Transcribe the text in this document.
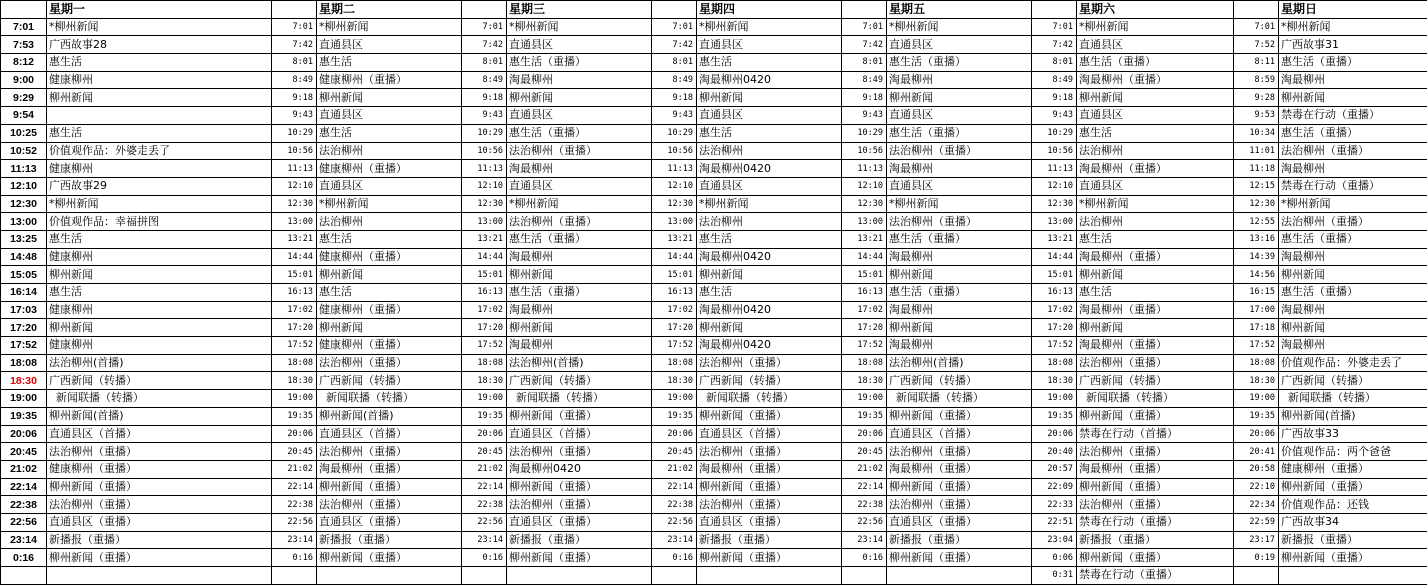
	星期一		星期二		星期三		星期四		星期五		星期六		星期日
7:01	*柳州新闻	7:01	*柳州新闻	7:01	*柳州新闻	7:01	*柳州新闻	7:01	*柳州新闻	7:01	*柳州新闻	7:01	*柳州新闻
7:53	广西故事28	7:42	直通县区	7:42	直通县区	7:42	直通县区	7:42	直通县区	7:42	直通县区	7:52	广西故事31
8:12	惠生活	8:01	惠生活	8:01	惠生活（重播）	8:01	惠生活	8:01	惠生活（重播）	8:01	惠生活（重播）	8:11	惠生活（重播）
9:00	健康柳州	8:49	健康柳州（重播）	8:49	淘最柳州	8:49	淘最柳州0420	8:49	淘最柳州	8:49	淘最柳州（重播）	8:59	淘最柳州
9:29	柳州新闻	9:18	柳州新闻	9:18	柳州新闻	9:18	柳州新闻	9:18	柳州新闻	9:18	柳州新闻	9:28	柳州新闻
9:54		9:43	直通县区	9:43	直通县区	9:43	直通县区	9:43	直通县区	9:43	直通县区	9:53	禁毒在行动（重播）
10:25	惠生活	10:29	惠生活	10:29	惠生活（重播）	10:29	惠生活	10:29	惠生活（重播）	10:29	惠生活	10:34	惠生活（重播）
10:52	价值观作品：外婆走丢了	10:56	法治柳州	10:56	法治柳州（重播）	10:56	法治柳州	10:56	法治柳州（重播）	10:56	法治柳州	11:01	法治柳州（重播）
11:13	健康柳州	11:13	健康柳州（重播）	11:13	淘最柳州	11:13	淘最柳州0420	11:13	淘最柳州	11:13	淘最柳州（重播）	11:18	淘最柳州
12:10	广西故事29	12:10	直通县区	12:10	直通县区	12:10	直通县区	12:10	直通县区	12:10	直通县区	12:15	禁毒在行动（重播）
12:30	*柳州新闻	12:30	*柳州新闻	12:30	*柳州新闻	12:30	*柳州新闻	12:30	*柳州新闻	12:30	*柳州新闻	12:30	*柳州新闻
13:00	价值观作品：幸福拼图	13:00	法治柳州	13:00	法治柳州（重播）	13:00	法治柳州	13:00	法治柳州（重播）	13:00	法治柳州	12:55	法治柳州（重播）
13:25	惠生活	13:21	惠生活	13:21	惠生活（重播）	13:21	惠生活	13:21	惠生活（重播）	13:21	惠生活	13:16	惠生活（重播）
14:48	健康柳州	14:44	健康柳州（重播）	14:44	淘最柳州	14:44	淘最柳州0420	14:44	淘最柳州	14:44	淘最柳州（重播）	14:39	淘最柳州
15:05	柳州新闻	15:01	柳州新闻	15:01	柳州新闻	15:01	柳州新闻	15:01	柳州新闻	15:01	柳州新闻	14:56	柳州新闻
16:14	惠生活	16:13	惠生活	16:13	惠生活（重播）	16:13	惠生活	16:13	惠生活（重播）	16:13	惠生活	16:15	惠生活（重播）
17:03	健康柳州	17:02	健康柳州（重播）	17:02	淘最柳州	17:02	淘最柳州0420	17:02	淘最柳州	17:02	淘最柳州（重播）	17:00	淘最柳州
17:20	柳州新闻	17:20	柳州新闻	17:20	柳州新闻	17:20	柳州新闻	17:20	柳州新闻	17:20	柳州新闻	17:18	柳州新闻
17:52	健康柳州	17:52	健康柳州（重播）	17:52	淘最柳州	17:52	淘最柳州0420	17:52	淘最柳州	17:52	淘最柳州（重播）	17:52	淘最柳州
18:08	法治柳州(首播)	18:08	法治柳州（重播）	18:08	法治柳州(首播)	18:08	法治柳州（重播）	18:08	法治柳州(首播)	18:08	法治柳州（重播）	18:08	价值观作品：外婆走丢了
18:30	广西新闻（转播）	18:30	广西新闻（转播）	18:30	广西新闻（转播）	18:30	广西新闻（转播）	18:30	广西新闻（转播）	18:30	广西新闻（转播）	18:30	广西新闻（转播）
19:00	新闻联播（转播）	19:00	新闻联播（转播）	19:00	新闻联播（转播）	19:00	新闻联播（转播）	19:00	新闻联播（转播）	19:00	新闻联播（转播）	19:00	新闻联播（转播）
19:35	柳州新闻(首播)	19:35	柳州新闻(首播)	19:35	柳州新闻（重播）	19:35	柳州新闻（重播）	19:35	柳州新闻（重播）	19:35	柳州新闻（重播）	19:35	柳州新闻(首播)
20:06	直通县区（首播）	20:06	直通县区（首播）	20:06	直通县区（首播）	20:06	直通县区（首播）	20:06	直通县区（首播）	20:06	禁毒在行动（首播）	20:06	广西故事33
20:45	法治柳州（重播）	20:45	法治柳州（重播）	20:45	法治柳州（重播）	20:45	法治柳州（重播）	20:45	法治柳州（重播）	20:40	法治柳州（重播）	20:41	价值观作品：两个爸爸
21:02	健康柳州（重播）	21:02	淘最柳州（重播）	21:02	淘最柳州0420	21:02	淘最柳州（重播）	21:02	淘最柳州（重播）	20:57	淘最柳州（重播）	20:58	健康柳州（重播）
22:14	柳州新闻（重播）	22:14	柳州新闻（重播）	22:14	柳州新闻（重播）	22:14	柳州新闻（重播）	22:14	柳州新闻（重播）	22:09	柳州新闻（重播）	22:10	柳州新闻（重播）
22:38	法治柳州（重播）	22:38	法治柳州（重播）	22:38	法治柳州（重播）	22:38	法治柳州（重播）	22:38	法治柳州（重播）	22:33	法治柳州（重播）	22:34	价值观作品：还钱
22:56	直通县区（重播）	22:56	直通县区（重播）	22:56	直通县区（重播）	22:56	直通县区（重播）	22:56	直通县区（重播）	22:51	禁毒在行动（重播）	22:59	广西故事34
23:14	新播报（重播）	23:14	新播报（重播）	23:14	新播报（重播）	23:14	新播报（重播）	23:14	新播报（重播）	23:04	新播报（重播）	23:17	新播报（重播）
0:16	柳州新闻（重播）	0:16	柳州新闻（重播）	0:16	柳州新闻（重播）	0:16	柳州新闻（重播）	0:16	柳州新闻（重播）	0:06	柳州新闻（重播）	0:19	柳州新闻（重播）
										0:31	禁毒在行动（重播）		
